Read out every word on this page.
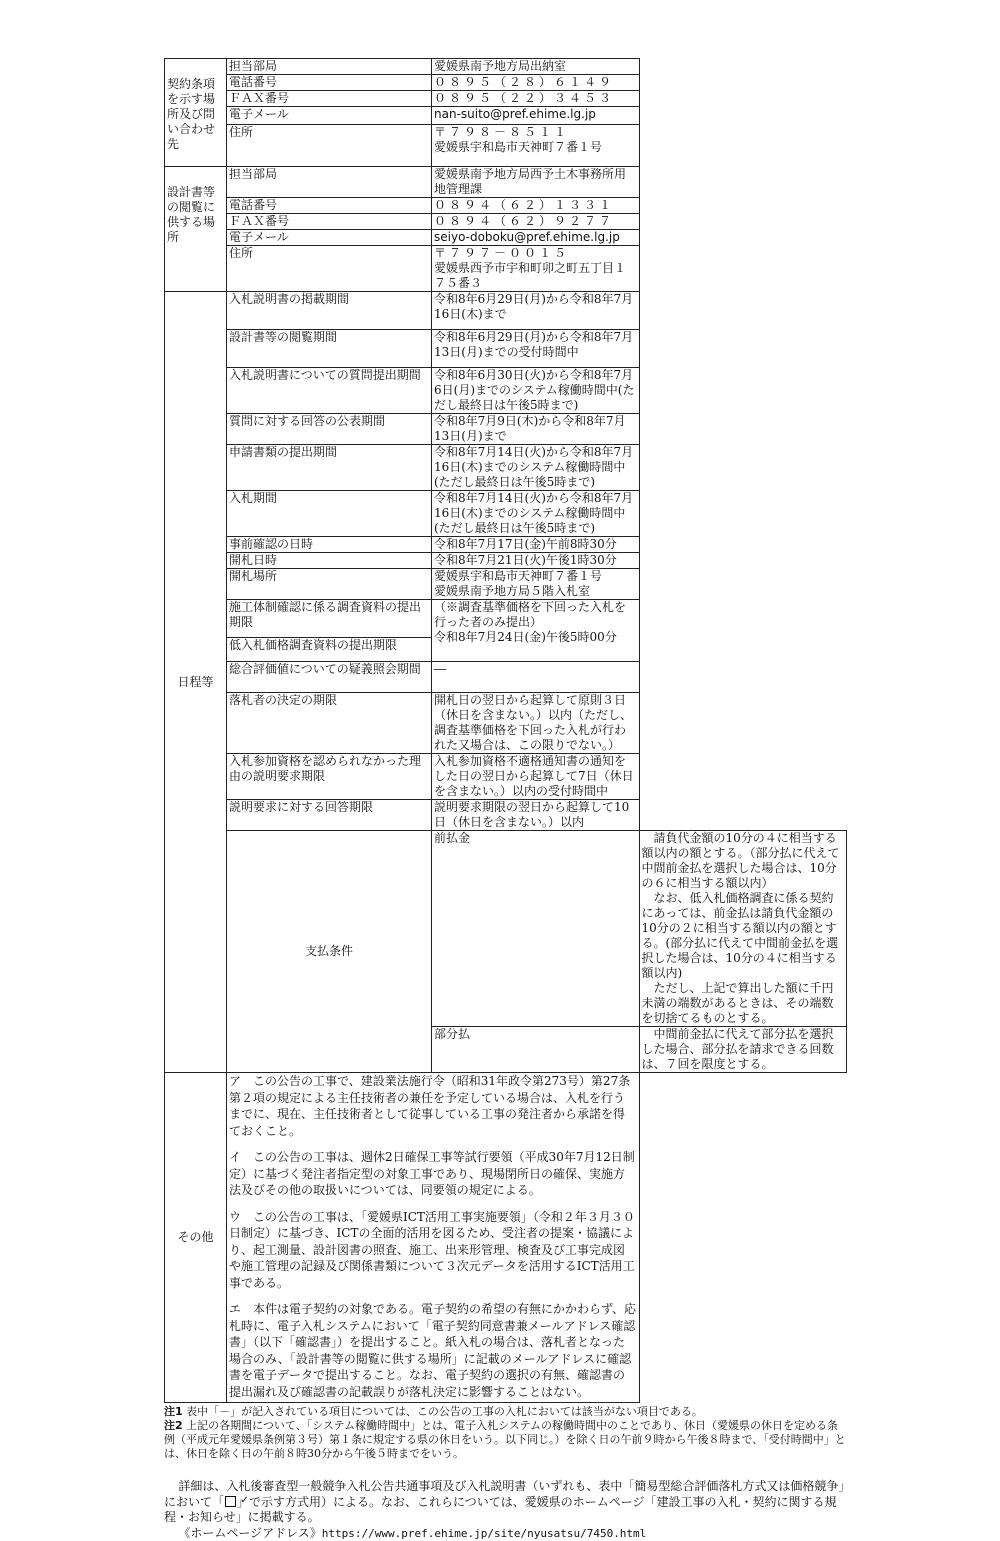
契約条項を示す場所及び問い合わせ先	担当部局	愛媛県南予地方局出納室	
	電話番号	０８９５（２８）６１４９	
	ＦＡＸ番号	０８９５（２２）３４５３	
	電子メール	nan-suito@pref.ehime.lg.jp	
	住所	〒７９８－８５１１
愛媛県宇和島市天神町７番１号	

設計書等の閲覧に供する場所	担当部局	愛媛県南予地方局西予土木事務所用地管理課	
	電話番号	０８９４（６２）１３３１	
	ＦＡＸ番号	０８９４（６２）９２７７	
	電子メール	seiyo-doboku@pref.ehime.lg.jp	
	住所	〒７９７－００１５
愛媛県西予市宇和町卯之町五丁目１７５番３	

日程等	入札説明書の掲載期間	令和8年6月29日(月)から令和8年7月16日(木)まで	
	設計書等の閲覧期間	令和8年6月29日(月)から令和8年7月13日(月)までの受付時間中	
	入札説明書についての質問提出期間	令和8年6月30日(火)から令和8年7月6日(月)までのシステム稼働時間中(ただし最終日は午後5時まで)	
	質問に対する回答の公表期間	令和8年7月9日(木)から令和8年7月13日(月)まで	
	申請書類の提出期間	令和8年7月14日(火)から令和8年7月16日(木)までのシステム稼働時間中(ただし最終日は午後5時まで)	
	入札期間	令和8年7月14日(火)から令和8年7月16日(木)までのシステム稼働時間中(ただし最終日は午後5時まで)	
	事前確認の日時	令和8年7月17日(金)午前8時30分	
	開札日時	令和8年7月21日(火)午後1時30分	
	開札場所	愛媛県宇和島市天神町７番１号
愛媛県南予地方局５階入札室	

	施工体制確認に係る調査資料の提出期限	（※調査基準価格を下回った入札を行った者のみ提出）
令和8年7月24日(金)午後5時00分	

	低入札価格調査資料の提出期限		
	総合評価値についての疑義照会期間	―	
	落札者の決定の期限	開札日の翌日から起算して原則３日（休日を含まない。）以内（ただし、調査基準価格を下回った入札が行われた又場合は、この限りでない。）	
	入札参加資格を認められなかった理由の説明要求期限	入札参加資格不適格通知書の通知をした日の翌日から起算して7日（休日を含まない。）以内の受付時間中	
	説明要求に対する回答期限	説明要求期限の翌日から起算して10日（休日を含まない。）以内	
	支払条件	前払金	　請負代金額の10分の４に相当する額以内の額とする。（部分払に代えて中間前金払を選択した場合は、10分の６に相当する額以内）
　なお、低入札価格調査に係る契約にあっては、前金払は請負代金額の10分の２に相当する額以内の額とする。(部分払に代えて中間前金払を選択した場合は、10分の４に相当する額以内)
　ただし、上記で算出した額に千円未満の端数があるときは、その端数を切捨てるものとする。

		部分払	　中間前金払に代えて部分払を選択した場合、部分払を請求できる回数は、７回を限度とする。
その他	ア　この公告の工事で、建設業法施行令（昭和31年政令第273号）第27条第２項の規定による主任技術者の兼任を予定している場合は、入札を行うまでに、現在、主任技術者として従事している工事の発注者から承諾を得ておくこと。

イ　この公告の工事は、週休2日確保工事等試行要領（平成30年7月12日制定）に基づく発注者指定型の対象工事であり、現場閉所日の確保、実施方法及びその他の取扱いについては、同要領の規定による。

ウ　この公告の工事は、「愛媛県ICT活用工事実施要領」（令和２年３月３０日制定）に基づき、ICTの全面的活用を図るため、受注者の提案・協議により、起工測量、設計図書の照査、施工、出来形管理、検査及び工事完成図や施工管理の記録及び関係書類について３次元データを活用するICT活用工事である。

エ　本件は電子契約の対象である。電子契約の希望の有無にかかわらず、応札時に、電子入札システムにおいて「電子契約同意書兼メールアドレス確認書」（以下「確認書」）を提出すること。紙入札の場合は、落札者となった場合のみ、「設計書等の閲覧に供する場所」に記載のメールアドレスに確認書を電子データで提出すること。なお、電子契約の選択の有無、確認書の提出漏れ及び確認書の記載誤りが落札決定に影響することはない。		

注1 表中「－」が記入されている項目については、この公告の工事の入札においては該当がない項目である。
注2 上記の各期間について、「システム稼働時間中」とは、電子入札システムの稼働時間中のことであり、休日（愛媛県の休日を定める条例（平成元年愛媛県条例第３号）第１条に規定する県の休日をいう。以下同じ。）を除く日の午前９時から午後８時まで、「受付時間中」とは、休日を除く日の午前８時30分から午後５時までをいう。
詳細は、入札後審査型一般競争入札公告共通事項及び入札説明書（いずれも、表中「簡易型総合評価落札方式又は価格競争」において「 ✓ 」で示す方式用）による。なお、これらについては、愛媛県のホームページ「建設工事の入札・契約に関する規程・お知らせ」に掲載する。
《ホームページアドレス》https://www.pref.ehime.jp/site/nyusatsu/7450.html
